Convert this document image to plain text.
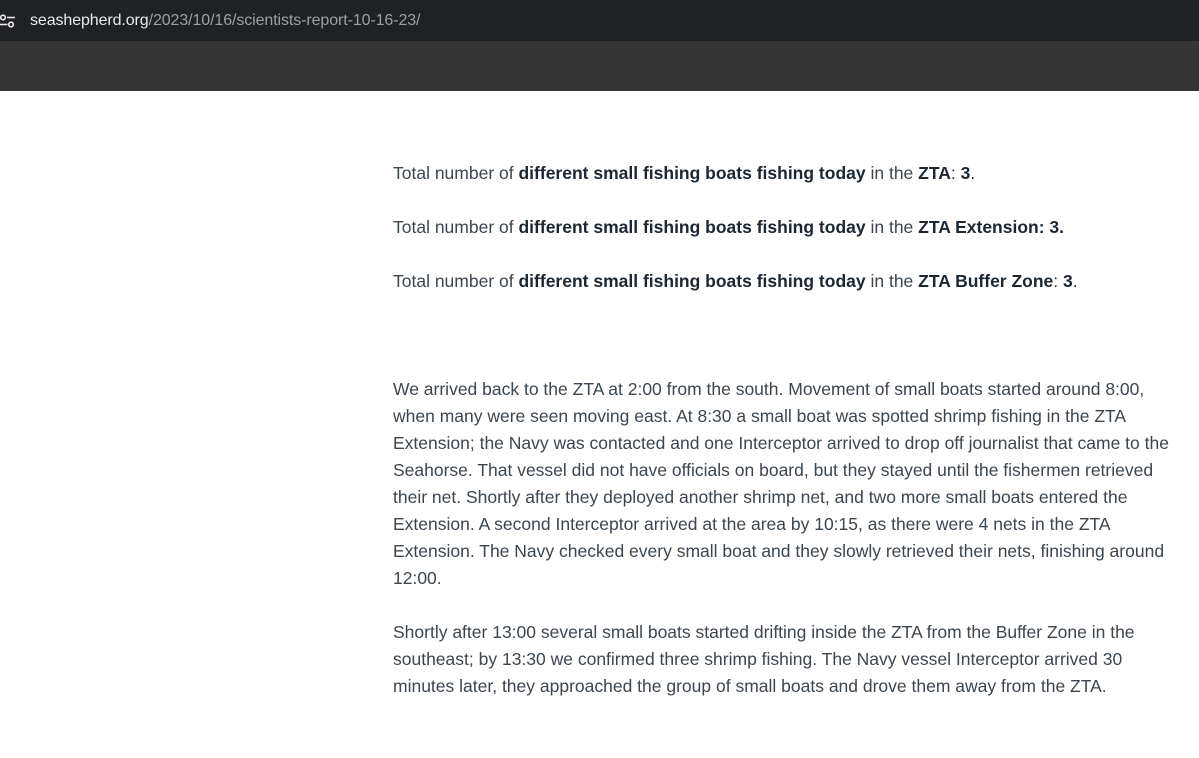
seashepherd.org/2023/10/16/scientists-report-10-16-23/

Total number of different small fishing boats fishing today in the ZTA: 3.

Total number of different small fishing boats fishing today in the ZTA Extension: 3.

Total number of different small fishing boats fishing today in the ZTA Buffer Zone: 3.

We arrived back to the ZTA at 2:00 from the south. Movement of small boats started around 8:00, when many were seen moving east. At 8:30 a small boat was spotted shrimp fishing in the ZTA Extension; the Navy was contacted and one Interceptor arrived to drop off journalist that came to the Seahorse. That vessel did not have officials on board, but they stayed until the fishermen retrieved their net. Shortly after they deployed another shrimp net, and two more small boats entered the Extension. A second Interceptor arrived at the area by 10:15, as there were 4 nets in the ZTA Extension. The Navy checked every small boat and they slowly retrieved their nets, finishing around 12:00.

Shortly after 13:00 several small boats started drifting inside the ZTA from the Buffer Zone in the southeast; by 13:30 we confirmed three shrimp fishing. The Navy vessel Interceptor arrived 30 minutes later, they approached the group of small boats and drove them away from the ZTA.
